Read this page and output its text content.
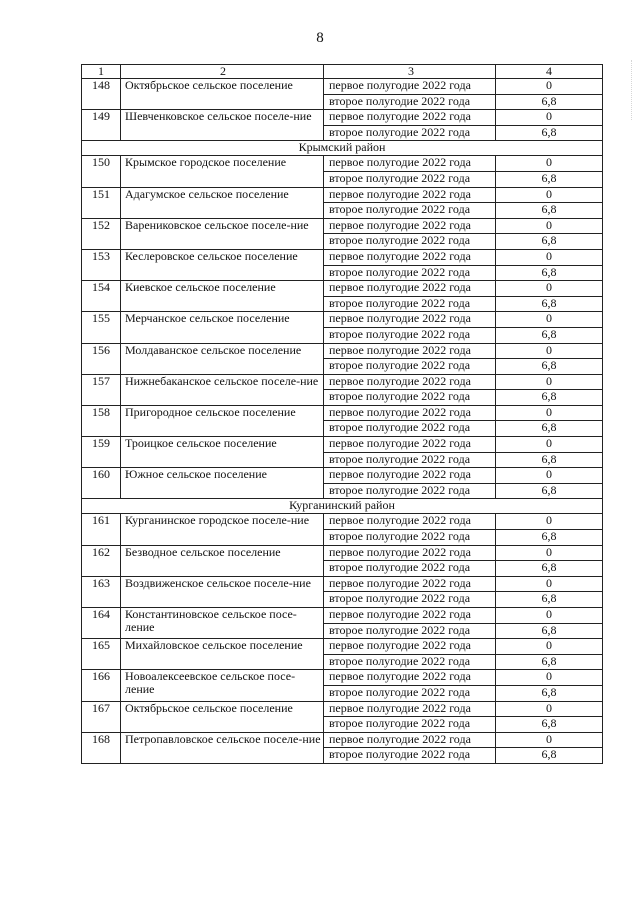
8
1	2	3	4
148	Октябрьское сельское поселение	первое полугодие 2022 года	0
		второе полугодие 2022 года	6,8
149	Шевченковское сельское поселе-ние	первое полугодие 2022 года	0
		второе полугодие 2022 года	6,8
Крымский район			
150	Крымское городское поселение	первое полугодие 2022 года	0
		второе полугодие 2022 года	6,8
151	Адагумское сельское поселение	первое полугодие 2022 года	0
		второе полугодие 2022 года	6,8
152	Варениковское сельское поселе-ние	первое полугодие 2022 года	0
		второе полугодие 2022 года	6,8
153	Кеслеровское сельское поселение	первое полугодие 2022 года	0
		второе полугодие 2022 года	6,8
154	Киевское сельское поселение	первое полугодие 2022 года	0
		второе полугодие 2022 года	6,8
155	Мерчанское сельское поселение	первое полугодие 2022 года	0
		второе полугодие 2022 года	6,8
156	Молдаванское сельское поселение	первое полугодие 2022 года	0
		второе полугодие 2022 года	6,8
157	Нижнебаканское сельское поселе-ние	первое полугодие 2022 года	0
		второе полугодие 2022 года	6,8
158	Пригородное сельское поселение	первое полугодие 2022 года	0
		второе полугодие 2022 года	6,8
159	Троицкое сельское поселение	первое полугодие 2022 года	0
		второе полугодие 2022 года	6,8
160	Южное сельское поселение	первое полугодие 2022 года	0
		второе полугодие 2022 года	6,8
Курганинский район			
161	Курганинское городское поселе-ние	первое полугодие 2022 года	0
		второе полугодие 2022 года	6,8
162	Безводное сельское поселение	первое полугодие 2022 года	0
		второе полугодие 2022 года	6,8
163	Воздвиженское сельское поселе-ние	первое полугодие 2022 года	0
		второе полугодие 2022 года	6,8
164	Константиновское сельское посе-ление	первое полугодие 2022 года	0
		второе полугодие 2022 года	6,8
165	Михайловское сельское поселение	первое полугодие 2022 года	0
		второе полугодие 2022 года	6,8
166	Новоалексеевское сельское посе-ление	первое полугодие 2022 года	0
		второе полугодие 2022 года	6,8
167	Октябрьское сельское поселение	первое полугодие 2022 года	0
		второе полугодие 2022 года	6,8
168	Петропавловское сельское поселе-ние	первое полугодие 2022 года	0
		второе полугодие 2022 года	6,8
